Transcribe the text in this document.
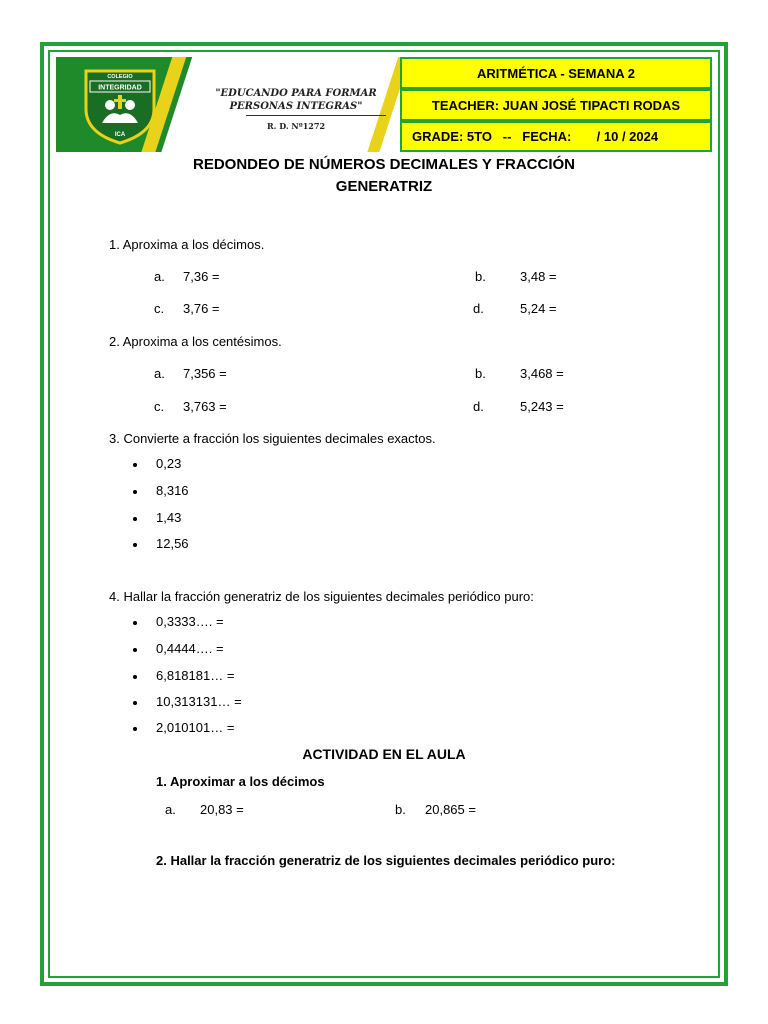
COLEGIO
INTEGRIDAD
ICA
"EDUCANDO PARA FORMAR
PERSONAS INTEGRAS"
R. D. Nº1272
ARITMÉTICA - SEMANA 2
TEACHER: JUAN JOSÉ TIPACTI RODAS
GRADE: 5TO   --   FECHA:       / 10 / 2024
REDONDEO DE NÚMEROS DECIMALES Y FRACCIÓN
GENERATRIZ
1. Aproxima a los décimos.
a. 7,36 =	b.	3,48 =
c. 3,76 =	d.	5,24 =
2. Aproxima a los centésimos.
a. 7,356 =	b.	3,468 =
c. 3,763 =	d.	5,243 =
3. Convierte a fracción los siguientes decimales exactos.
0,23
8,316
1,43
12,56
4. Hallar la fracción generatriz de los siguientes decimales periódico puro:
0,3333…. =
0,4444…. =
6,818181… =
10,313131… =
2,010101… =
ACTIVIDAD EN EL AULA
1. Aproximar a los décimos
a. 20,83 =	b. 20,865 =
2. Hallar la fracción generatriz de los siguientes decimales periódico puro:
